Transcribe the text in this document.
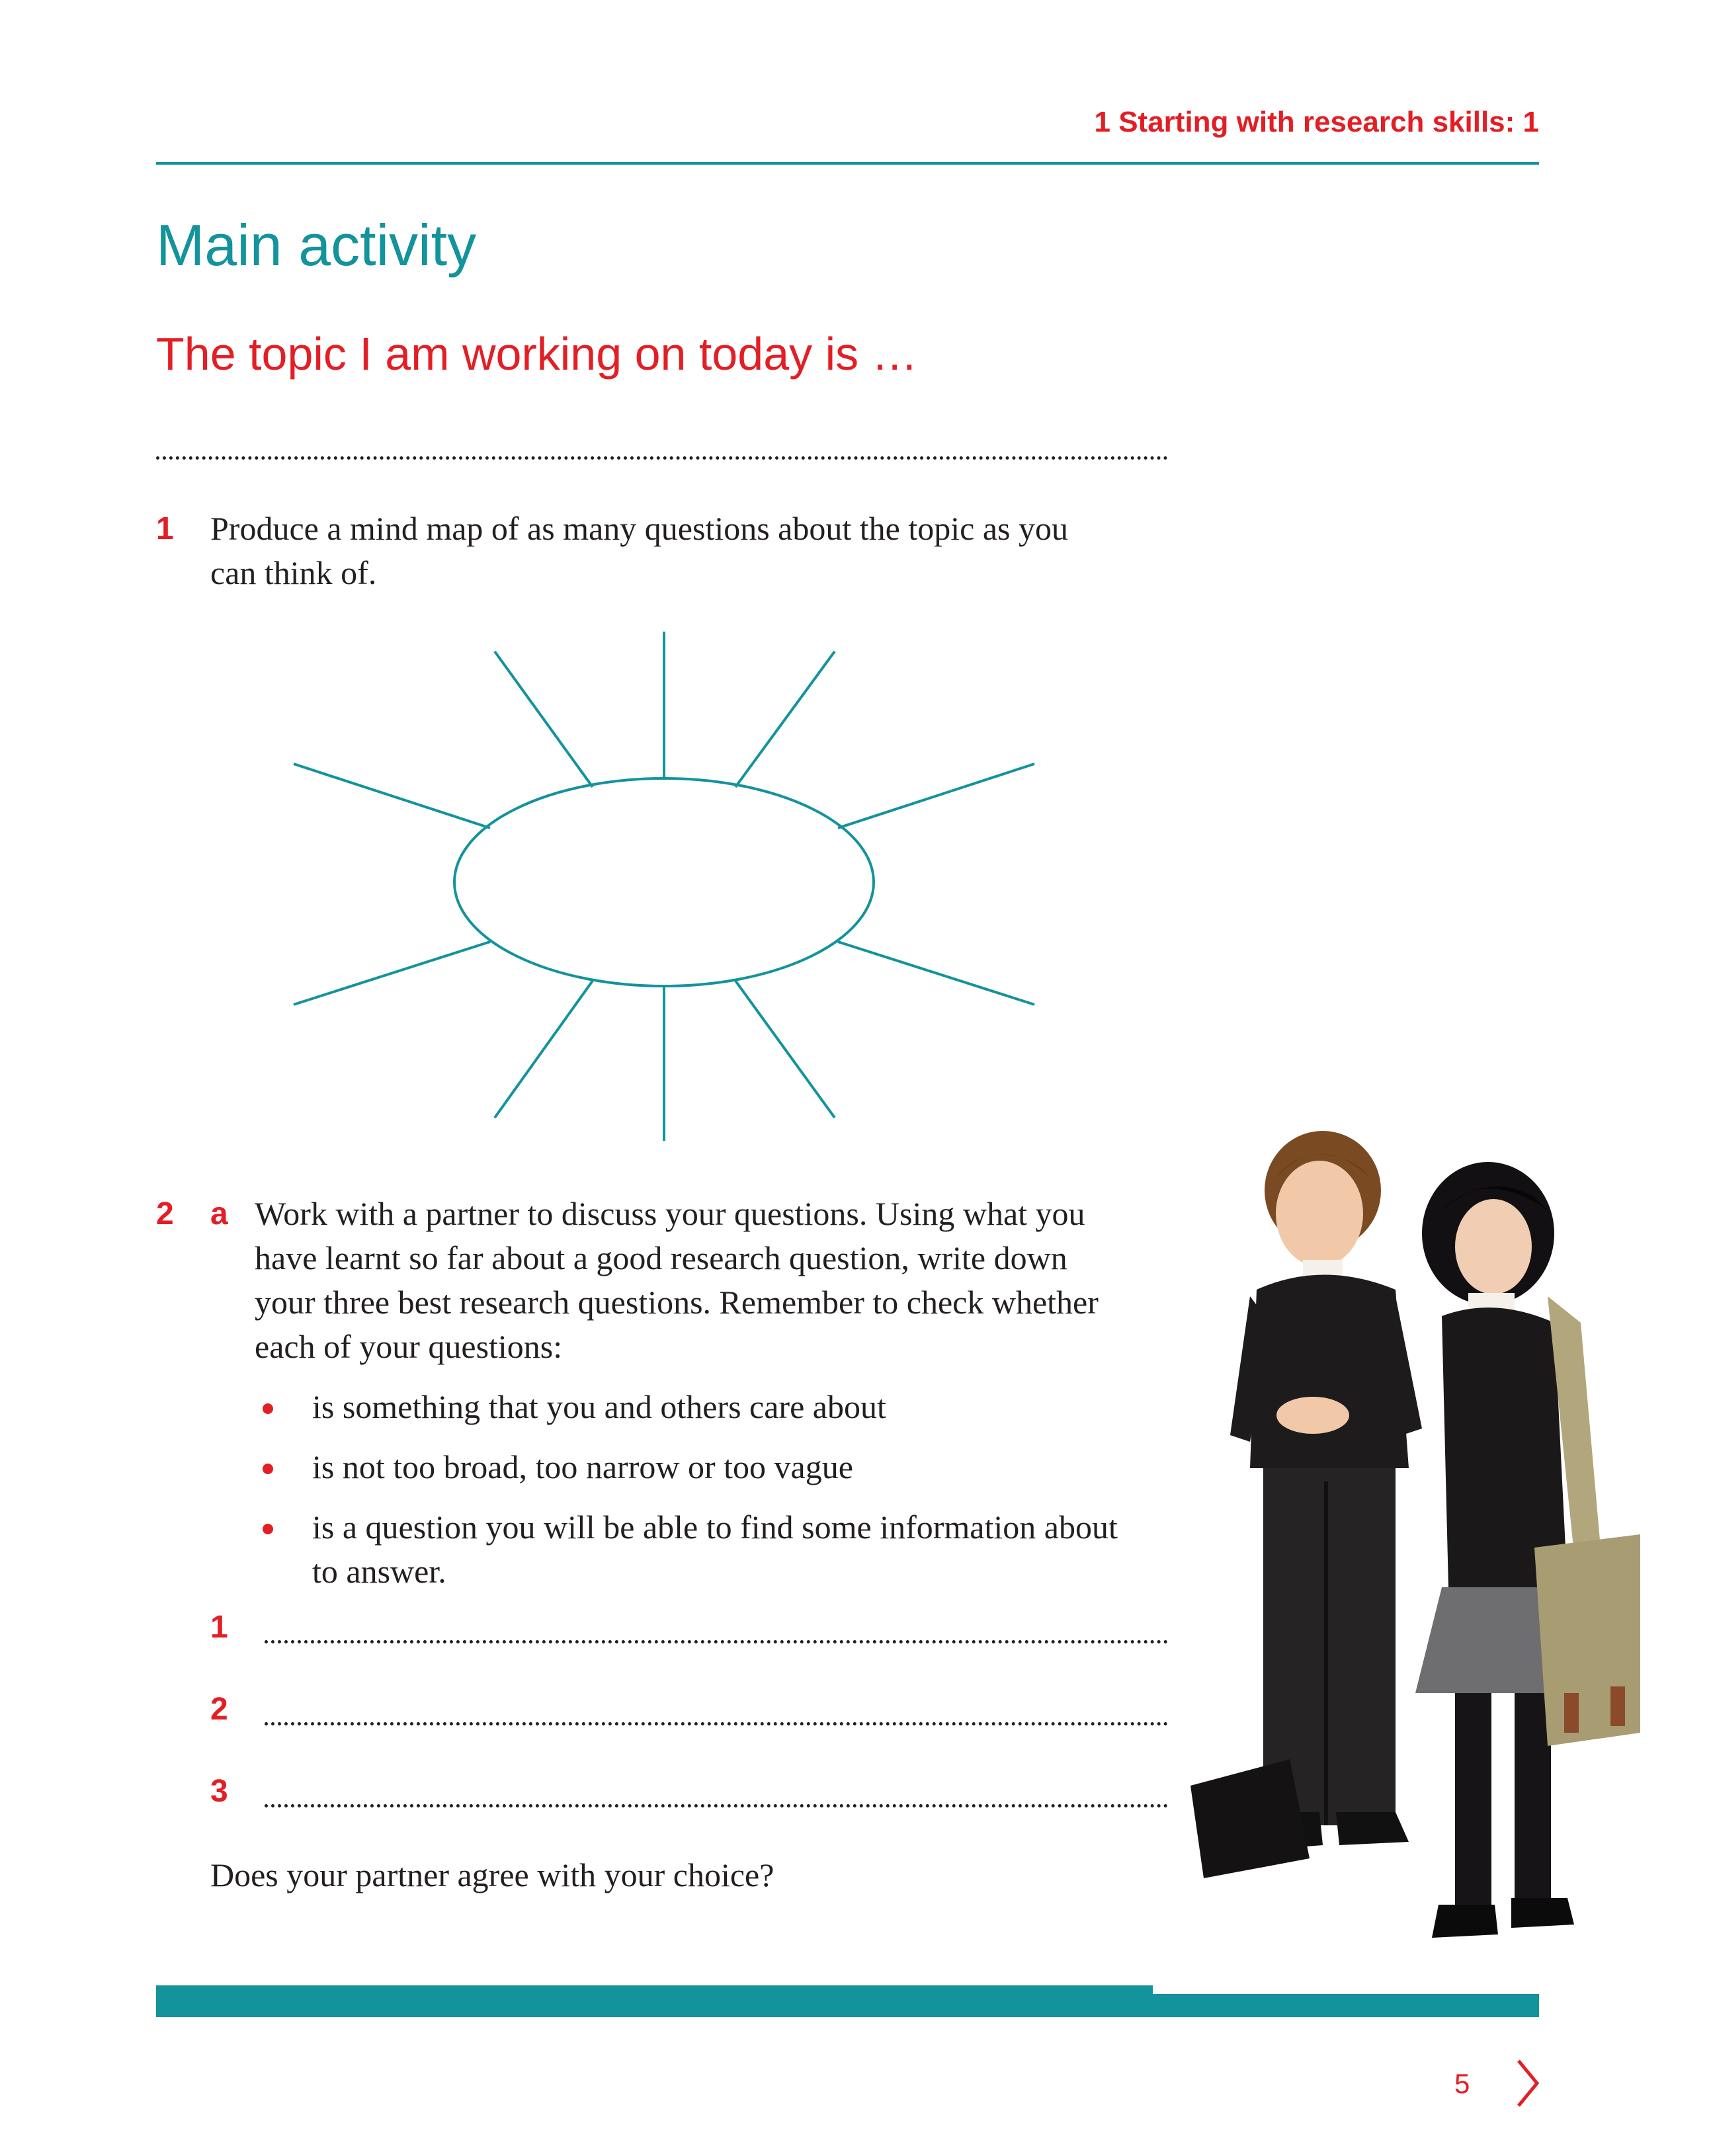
1 Starting with research skills: 1
Main activity
The topic I am working on today is …
1 Produce a mind map of as many questions about the topic as you
can think of.
2 a Work with a partner to discuss your questions. Using what you
have learnt so far about a good research question, write down
your three best research questions. Remember to check whether
each of your questions:
is something that you and others care about
is not too broad, too narrow or too vague
is a question you will be able to find some information about
to answer.
1
2
3
Does your partner agree with your choice?
5
